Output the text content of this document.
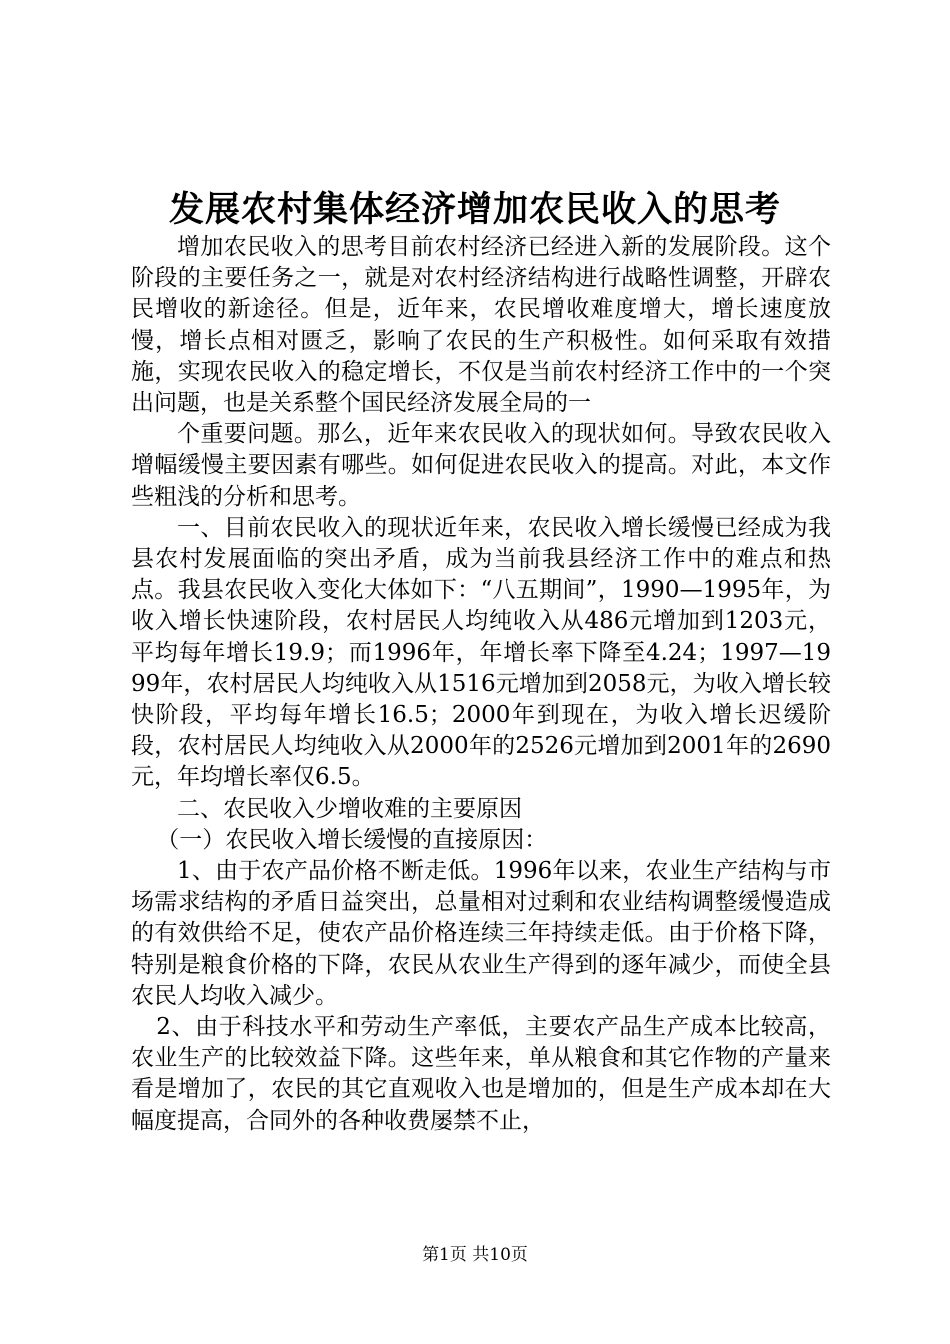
发展农村集体经济增加农民收入的思考

增加农民收入的思考目前农村经济已经进入新的发展阶段。这个阶段的主要任务之一，就是对农村经济结构进行战略性调整，开辟农民增收的新途径。但是，近年来，农民增收难度增大，增长速度放慢，增长点相对匮乏，影响了农民的生产积极性。如何采取有效措施，实现农民收入的稳定增长，不仅是当前农村经济工作中的一个突出问题，也是关系整个国民经济发展全局的一

个重要问题。那么，近年来农民收入的现状如何。导致农民收入增幅缓慢主要因素有哪些。如何促进农民收入的提高。对此，本文作些粗浅的分析和思考。

一、目前农民收入的现状近年来，农民收入增长缓慢已经成为我县农村发展面临的突出矛盾，成为当前我县经济工作中的难点和热点。我县农民收入变化大体如下：“八五期间”，1990—1995年，为收入增长快速阶段，农村居民人均纯收入从486元增加到1203元，平均每年增长19.9；而1996年，年增长率下降至4.24；1997—1999年，农村居民人均纯收入从1516元增加到2058元，为收入增长较快阶段，平均每年增长16.5；2000年到现在，为收入增长迟缓阶段，农村居民人均纯收入从2000年的2526元增加到2001年的2690元，年均增长率仅6.5。

二、农民收入少增收难的主要原因

（一）农民收入增长缓慢的直接原因：

1、由于农产品价格不断走低。1996年以来，农业生产结构与市场需求结构的矛盾日益突出，总量相对过剩和农业结构调整缓慢造成的有效供给不足，使农产品价格连续三年持续走低。由于价格下降，特别是粮食价格的下降，农民从农业生产得到的逐年减少，而使全县农民人均收入减少。

2、由于科技水平和劳动生产率低，主要农产品生产成本比较高，农业生产的比较效益下降。这些年来，单从粮食和其它作物的产量来看是增加了，农民的其它直观收入也是增加的，但是生产成本却在大幅度提高，合同外的各种收费屡禁不止，

第1页 共10页
